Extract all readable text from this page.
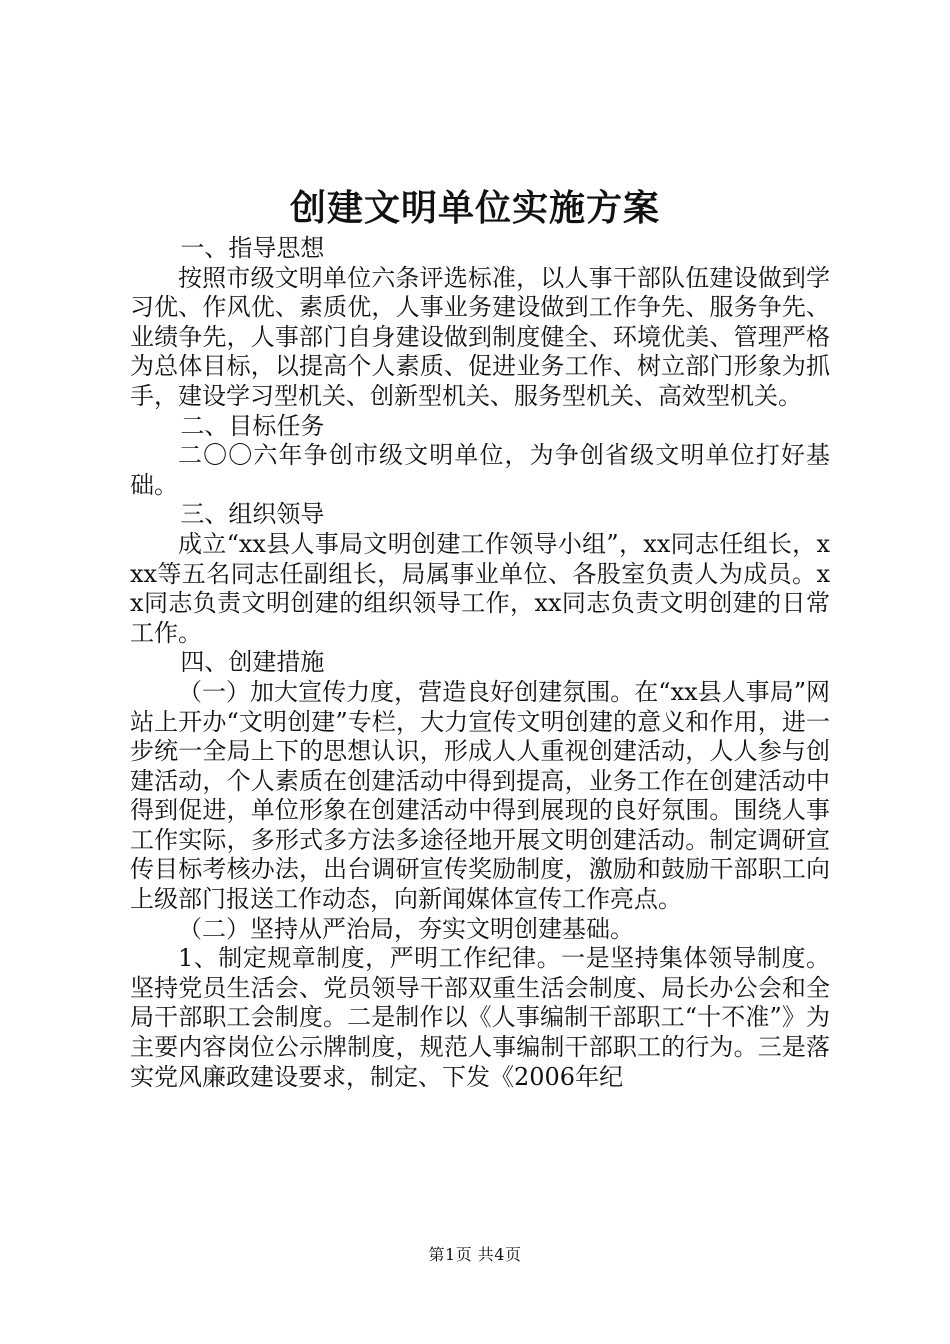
创建文明单位实施方案

一、指导思想

按照市级文明单位六条评选标准，以人事干部队伍建设做到学习优、作风优、素质优，人事业务建设做到工作争先、服务争先、业绩争先，人事部门自身建设做到制度健全、环境优美、管理严格为总体目标，以提高个人素质、促进业务工作、树立部门形象为抓手，建设学习型机关、创新型机关、服务型机关、高效型机关。

二、目标任务

二〇〇六年争创市级文明单位，为争创省级文明单位打好基础。

三、组织领导

成立“xx县人事局文明创建工作领导小组”，xx同志任组长，xxx等五名同志任副组长，局属事业单位、各股室负责人为成员。xx同志负责文明创建的组织领导工作，xx同志负责文明创建的日常工作。

四、创建措施

（一）加大宣传力度，营造良好创建氛围。在“xx县人事局”网站上开办“文明创建”专栏，大力宣传文明创建的意义和作用，进一步统一全局上下的思想认识，形成人人重视创建活动，人人参与创建活动，个人素质在创建活动中得到提高，业务工作在创建活动中得到促进，单位形象在创建活动中得到展现的良好氛围。围绕人事工作实际，多形式多方法多途径地开展文明创建活动。制定调研宣传目标考核办法，出台调研宣传奖励制度，激励和鼓励干部职工向上级部门报送工作动态，向新闻媒体宣传工作亮点。

（二）坚持从严治局，夯实文明创建基础。

1、制定规章制度，严明工作纪律。一是坚持集体领导制度。坚持党员生活会、党员领导干部双重生活会制度、局长办公会和全局干部职工会制度。二是制作以《人事编制干部职工“十不准”》为主要内容岗位公示牌制度，规范人事编制干部职工的行为。三是落实党风廉政建设要求，制定、下发《2006年纪

第1页 共4页
